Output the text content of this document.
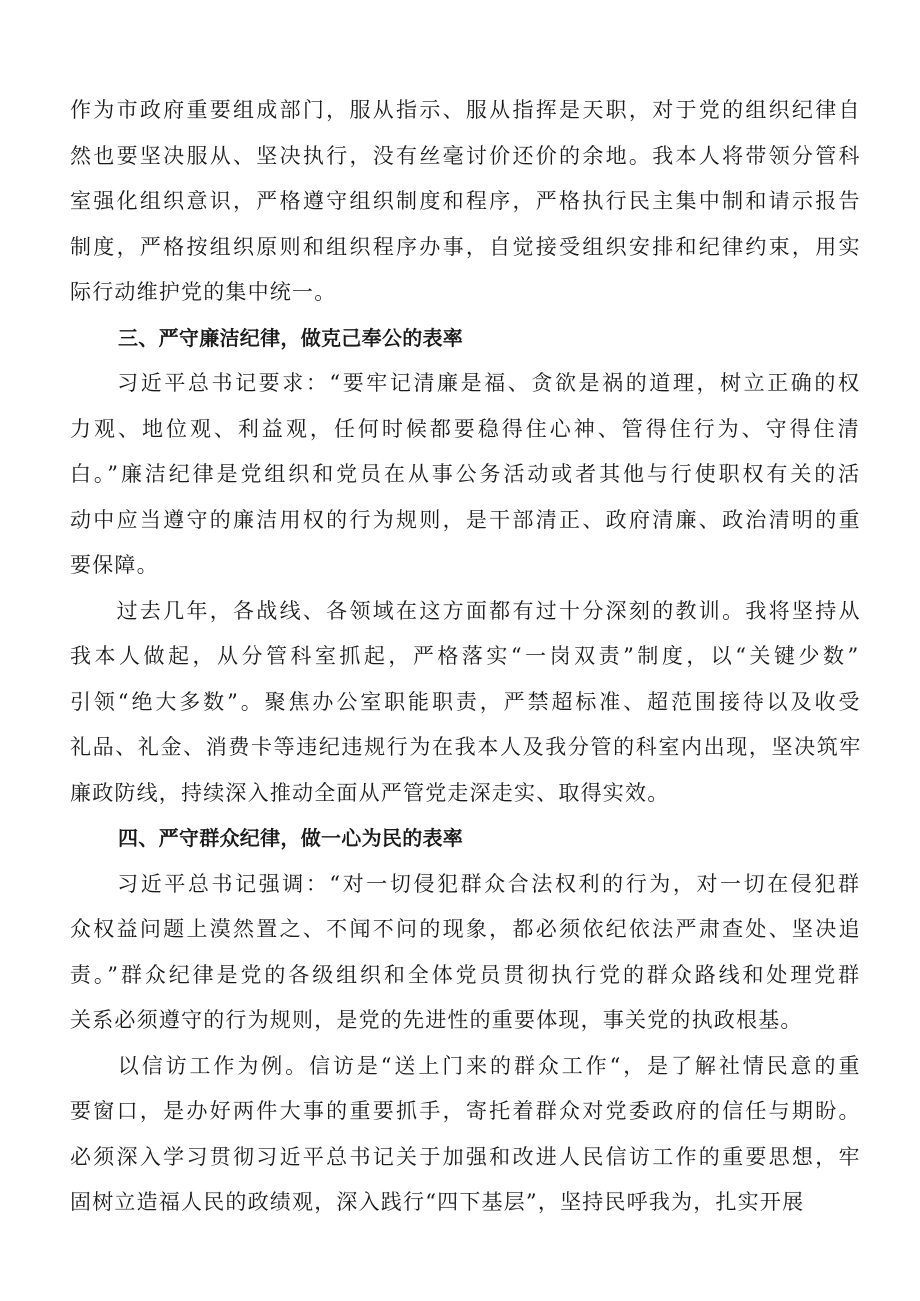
作为市政府重要组成部门，服从指示、服从指挥是天职，对于党的组织纪律自
然也要坚决服从、坚决执行，没有丝毫讨价还价的余地。我本人将带领分管科
室强化组织意识，严格遵守组织制度和程序，严格执行民主集中制和请示报告
制度，严格按组织原则和组织程序办事，自觉接受组织安排和纪律约束，用实
际行动维护党的集中统一。

三、严守廉洁纪律，做克己奉公的表率

　　习近平总书记要求：“要牢记清廉是福、贪欲是祸的道理，树立正确的权
力观、地位观、利益观，任何时候都要稳得住心神、管得住行为、守得住清
白。”廉洁纪律是党组织和党员在从事公务活动或者其他与行使职权有关的活
动中应当遵守的廉洁用权的行为规则，是干部清正、政府清廉、政治清明的重
要保障。

　　过去几年，各战线、各领域在这方面都有过十分深刻的教训。我将坚持从
我本人做起，从分管科室抓起，严格落实“一岗双责”制度，以“关键少数”
引领“绝大多数”。聚焦办公室职能职责，严禁超标准、超范围接待以及收受
礼品、礼金、消费卡等违纪违规行为在我本人及我分管的科室内出现，坚决筑牢
廉政防线，持续深入推动全面从严管党走深走实、取得实效。

四、严守群众纪律，做一心为民的表率

　　习近平总书记强调：“对一切侵犯群众合法权利的行为，对一切在侵犯群
众权益问题上漠然置之、不闻不问的现象，都必须依纪依法严肃查处、坚决追
责。”群众纪律是党的各级组织和全体党员贯彻执行党的群众路线和处理党群
关系必须遵守的行为规则，是党的先进性的重要体现，事关党的执政根基。

　　以信访工作为例。信访是“送上门来的群众工作“，是了解社情民意的重
要窗口，是办好两件大事的重要抓手，寄托着群众对党委政府的信任与期盼。
必须深入学习贯彻习近平总书记关于加强和改进人民信访工作的重要思想，牢
固树立造福人民的政绩观，深入践行“四下基层”，坚持民呼我为，扎实开展
